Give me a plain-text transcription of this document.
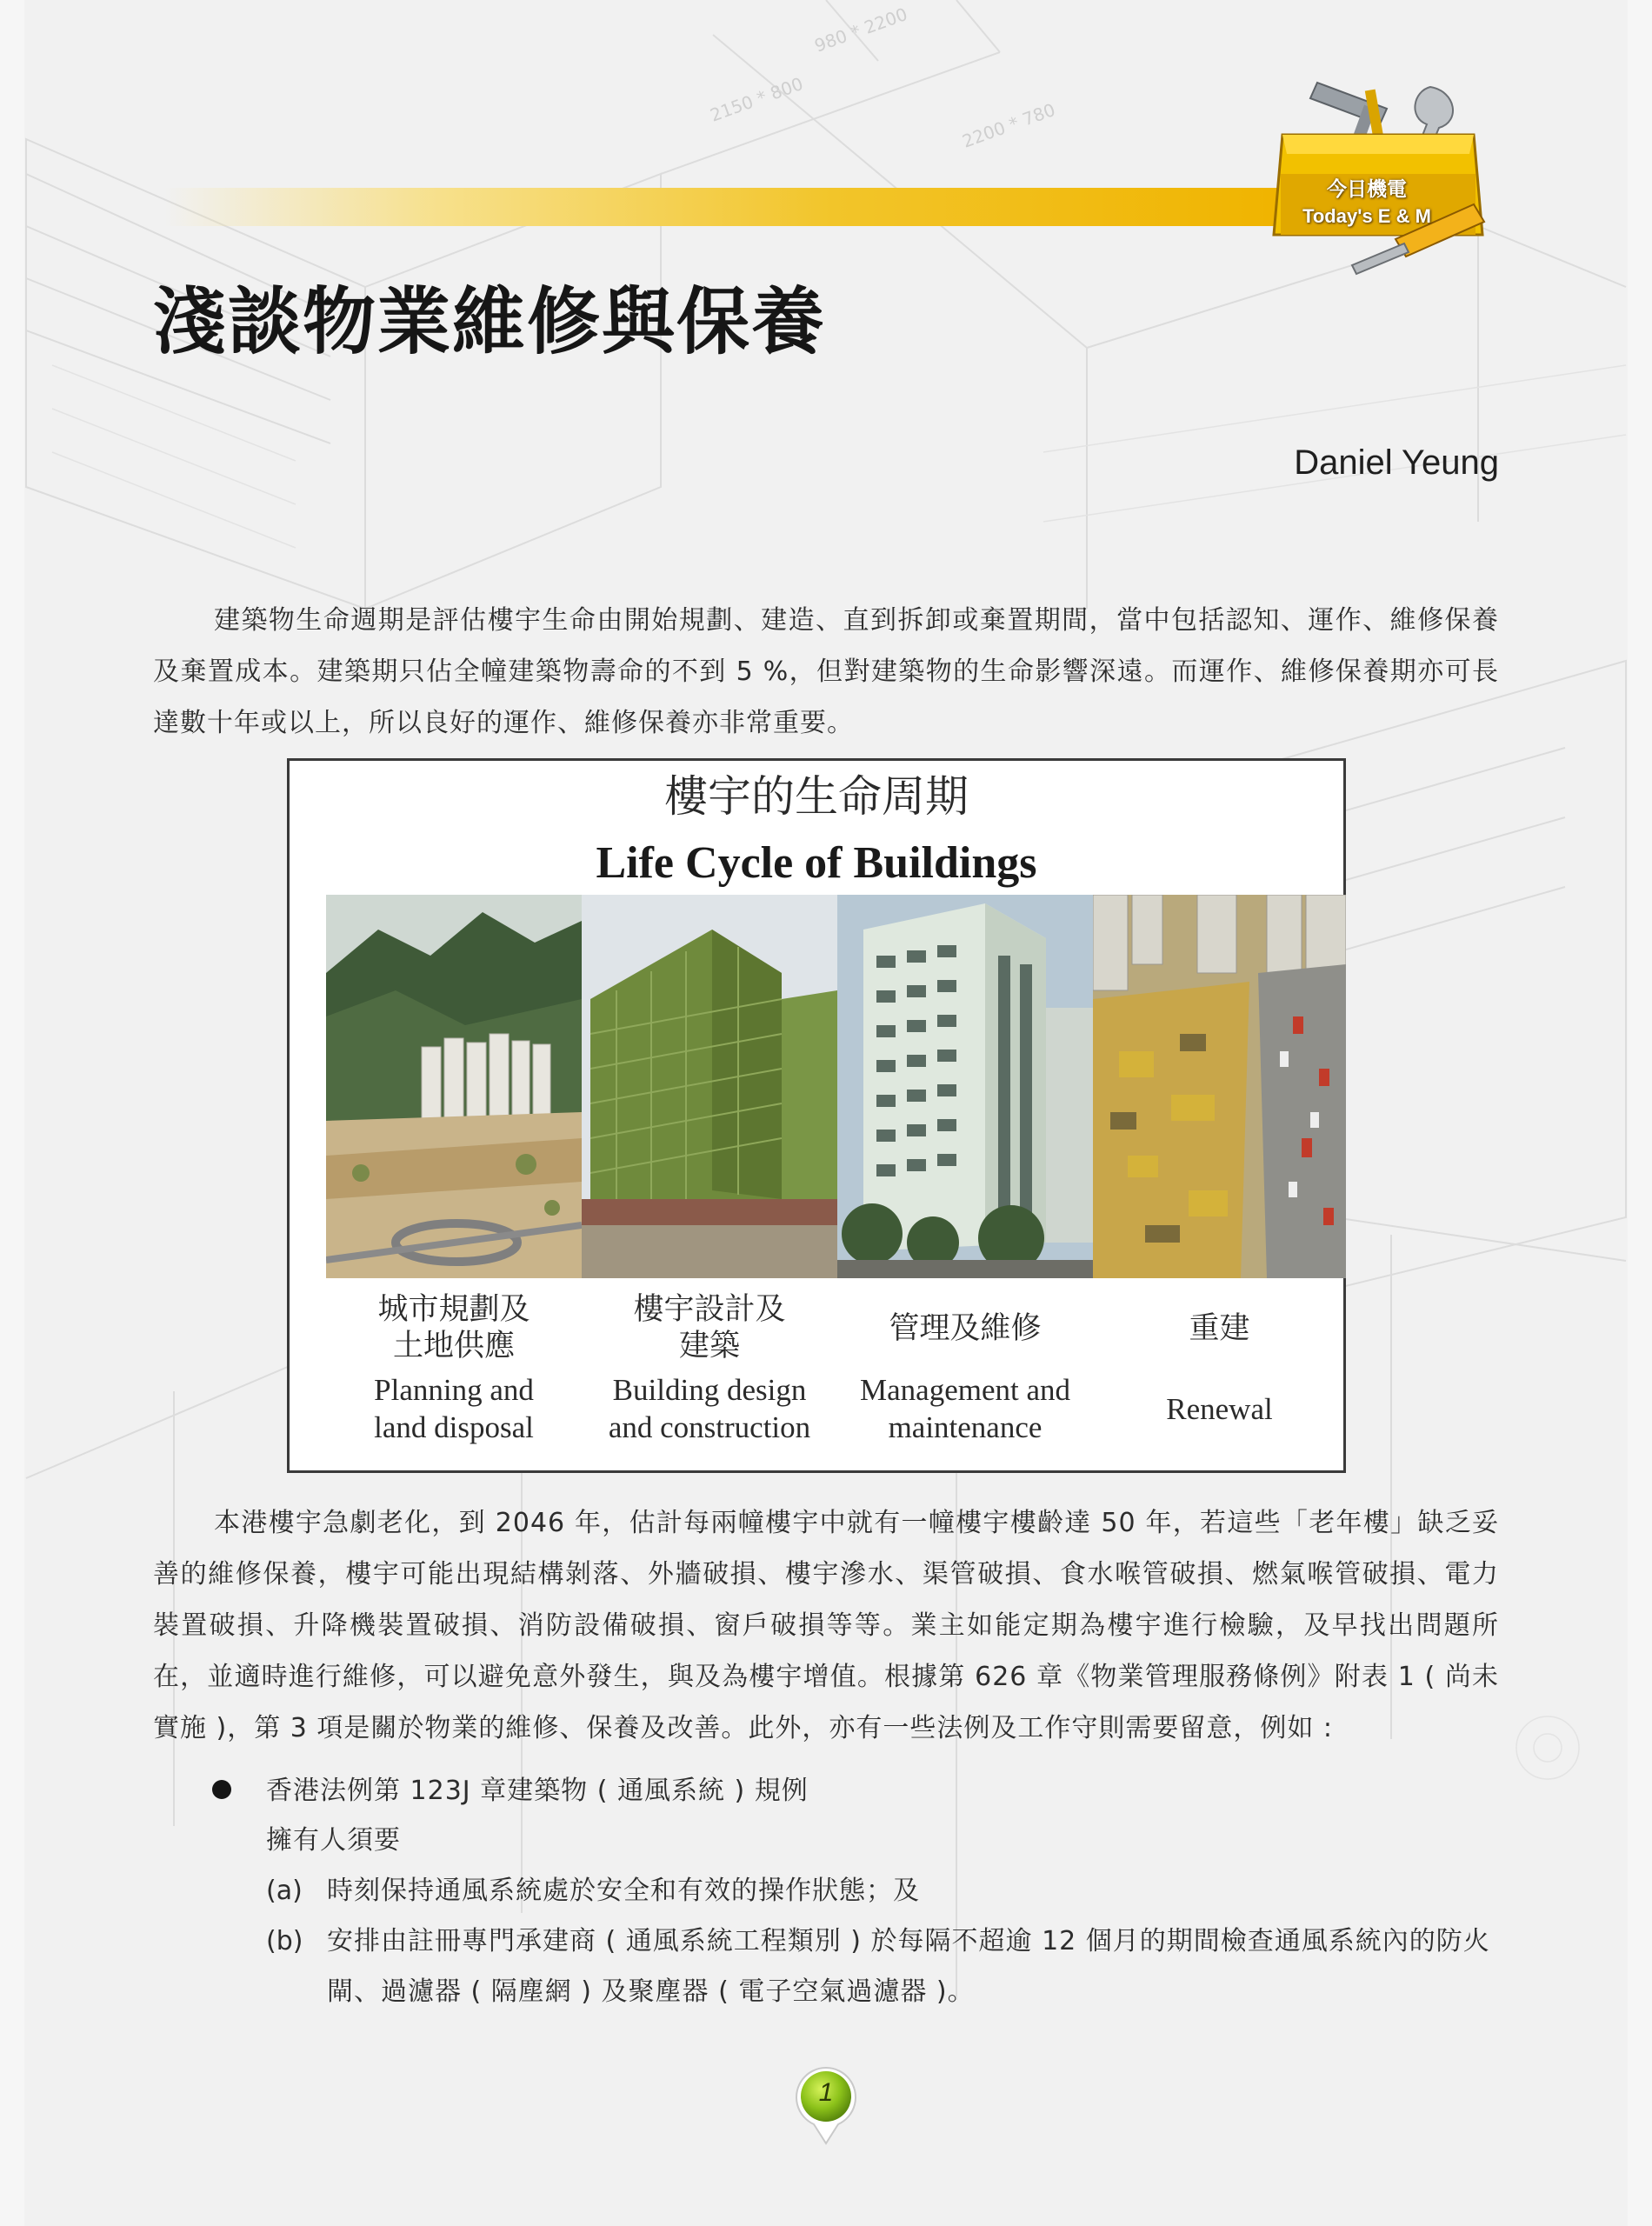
2150 * 800
980 * 2200
2200 * 780
今日機電
Today's E & M
淺談物業維修與保養
Daniel Yeung

建築物生命週期是評估樓宇生命由開始規劃、建造、直到拆卸或棄置期間，當中包括認知、運作、維修保養及棄置成本。建築期只佔全幢建築物壽命的不到 5 %，但對建築物的生命影響深遠。而運作、維修保養期亦可長達數十年或以上，所以良好的運作、維修保養亦非常重要。

樓宇的生命周期
Life Cycle of Buildings
城市規劃及
土地供應
Planning and
land disposal
樓宇設計及
建築
Building design
and construction
管理及維修
Management and
maintenance
重建
Renewal

本港樓宇急劇老化，到 2046 年，估計每兩幢樓宇中就有一幢樓宇樓齡達 50 年，若這些「老年樓」缺乏妥善的維修保養，樓宇可能出現結構剝落、外牆破損、樓宇滲水、渠管破損、食水喉管破損、燃氣喉管破損、電力裝置破損、升降機裝置破損、消防設備破損、窗戶破損等等。業主如能定期為樓宇進行檢驗，及早找出問題所在，並適時進行維修，可以避免意外發生，與及為樓宇增值。根據第 626 章《物業管理服務條例》附表 1 ( 尚未實施 )，第 3 項是關於物業的維修、保養及改善。此外，亦有一些法例及工作守則需要留意，例如 :

香港法例第 123J 章建築物 ( 通風系統 ) 規例
擁有人須要
(a) 時刻保持通風系統處於安全和有效的操作狀態；及
(b) 安排由註冊專門承建商 ( 通風系統工程類別 ) 於每隔不超逾 12 個月的期間檢查通風系統內的防火閘、過濾器 ( 隔塵網 ) 及聚塵器 ( 電子空氣過濾器 )。
1
